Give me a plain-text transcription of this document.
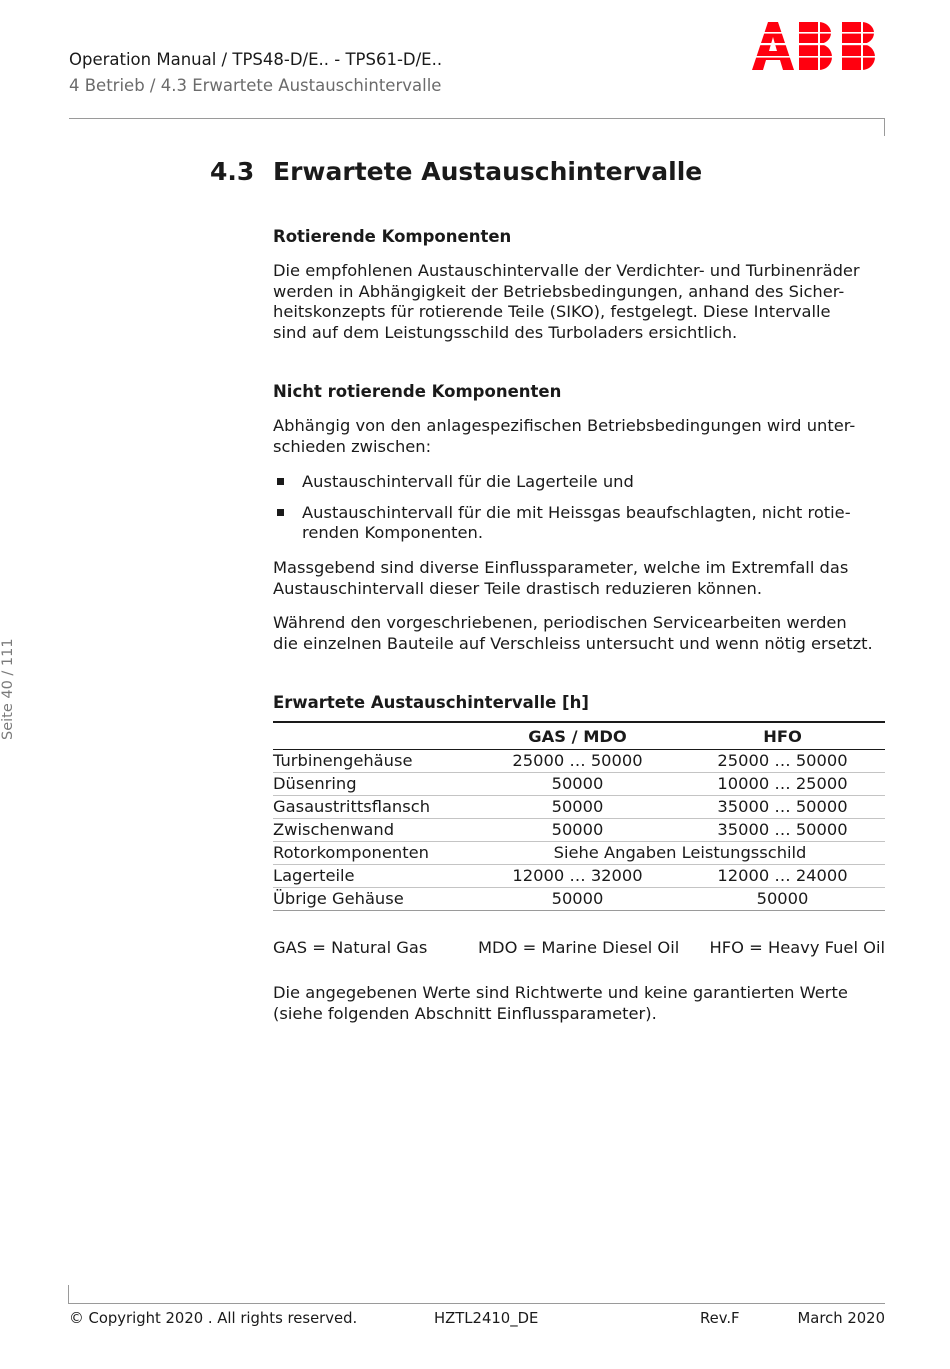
Operation Manual / TPS48-D/E.. - TPS61-D/E..
4 Betrieb / 4.3 Erwartete Austauschintervalle
Seite 40 / 111
4.3 Erwartete Austauschintervalle
Rotierende Komponenten

Die empfohlenen Austauschintervalle der Verdichter- und Turbinenräder

werden in Abhängigkeit der Betriebsbedingungen, anhand des Sicher-

heitskonzepts für rotierende Teile (SIKO), festgelegt. Diese Intervalle

sind auf dem Leistungsschild des Turboladers ersichtlich.

Nicht rotierende Komponenten

Abhängig von den anlagespezifischen Betriebsbedingungen wird unter-

schieden zwischen:

Austauschintervall für die Lagerteile und

Austauschintervall für die mit Heissgas beaufschlagten, nicht rotie-

renden Komponenten.

Massgebend sind diverse Einflussparameter, welche im Extremfall das

Austauschintervall dieser Teile drastisch reduzieren können.

Während den vorgeschriebenen, periodischen Servicearbeiten werden

die einzelnen Bauteile auf Verschleiss untersucht und wenn nötig ersetzt.

Erwartete Austauschintervalle [h]
	GAS / MDO	HFO
Turbinengehäuse	25000 … 50000	25000 … 50000
Düsenring	50000	10000 … 25000
Gasaustrittsflansch	50000	35000 … 50000
Zwischenwand	50000	35000 … 50000
Rotorkomponenten	Siehe Angaben Leistungsschild	
Lagerteile	12000 … 32000	12000 … 24000
Übrige Gehäuse	50000	50000
GAS = Natural Gas	MDO = Marine Diesel Oil HFO = Heavy Fuel Oil

Die angegebenen Werte sind Richtwerte und keine garantierten Werte

(siehe folgenden Abschnitt Einflussparameter).

© Copyright 2020 . All rights reserved.	HZTL2410_DE	Rev.F	March 2020
